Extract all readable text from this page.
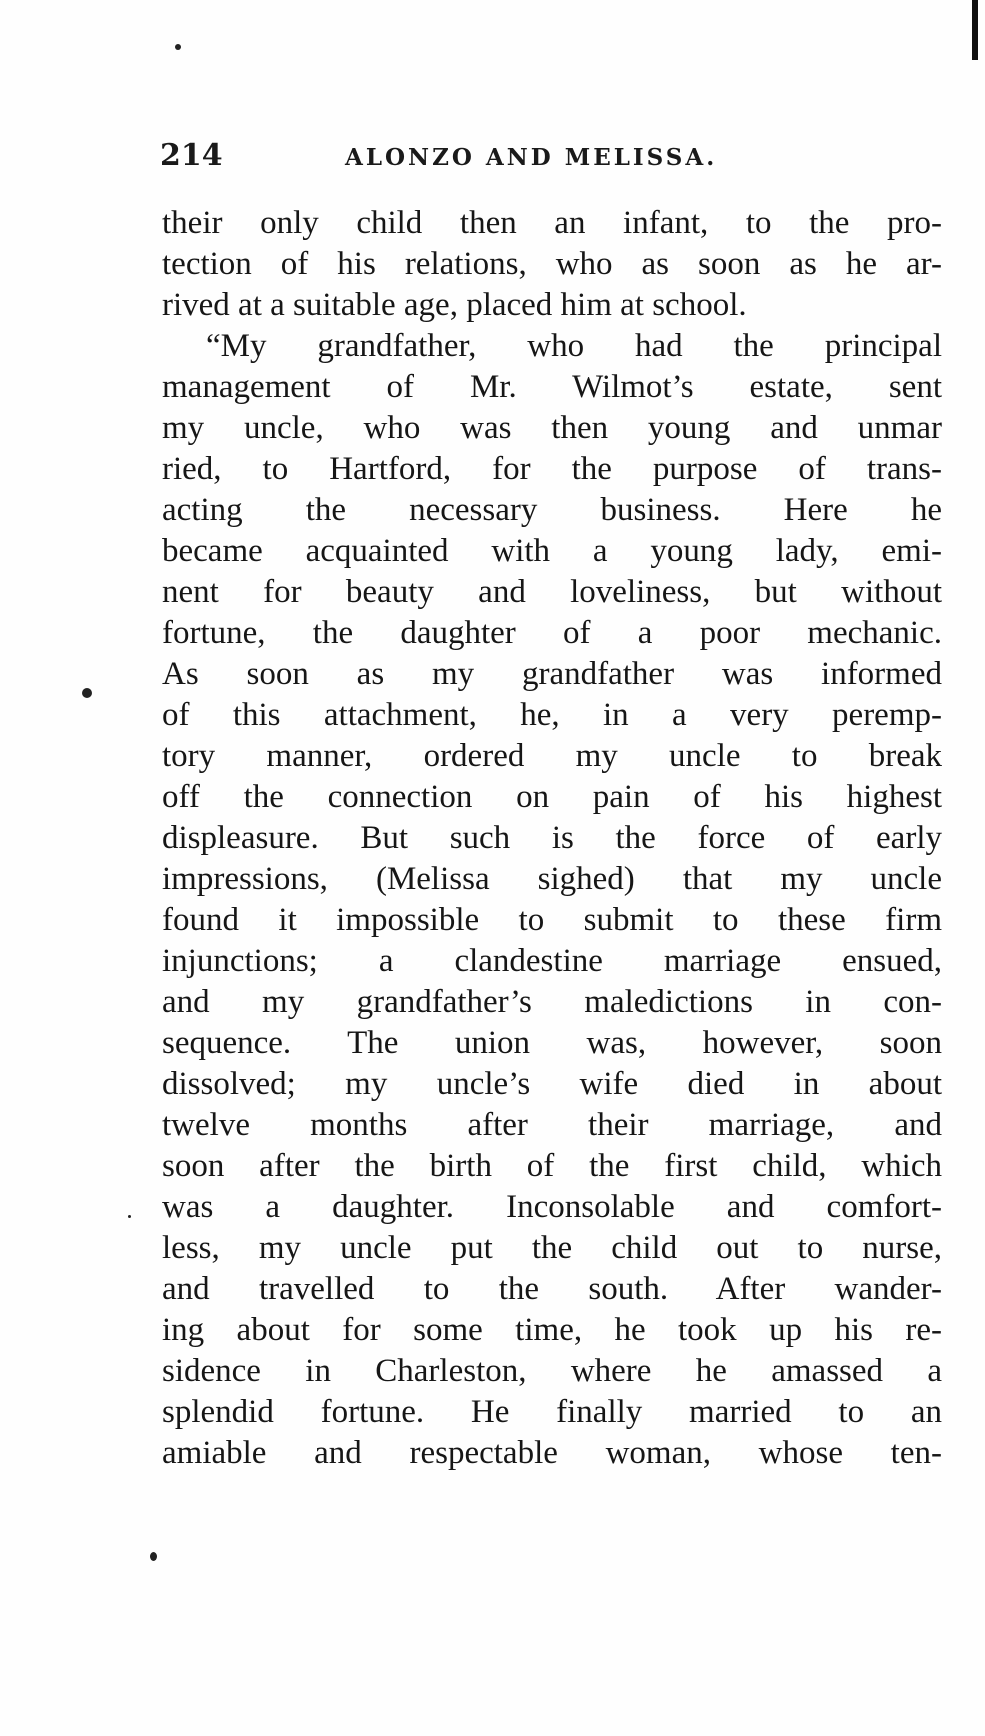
214	ALONZO AND MELISSA.
their only child then an infant, to the pro-
tection of his relations, who as soon as he ar-
rived at a suitable age, placed him at school.
“My grandfather, who had the principal
management of Mr. Wilmot’s estate, sent
my uncle, who was then young and unmar
ried, to Hartford, for the purpose of trans-
acting the necessary business. Here he
became acquainted with a young lady, emi-
nent for beauty and loveliness, but without
fortune, the daughter of a poor mechanic.
As soon as my grandfather was informed
of this attachment, he, in a very peremp-
tory manner, ordered my uncle to break
off the connection on pain of his highest
displeasure. But such is the force of early
impressions, (Melissa sighed) that my uncle
found it impossible to submit to these firm
injunctions; a clandestine marriage ensued,
and my grandfather’s maledictions in con-
sequence. The union was, however, soon
dissolved; my uncle’s wife died in about
twelve months after their marriage, and
soon after the birth of the first child, which
was a daughter. Inconsolable and comfort-
less, my uncle put the child out to nurse,
and travelled to the south. After wander-
ing about for some time, he took up his re-
sidence in Charleston, where he amassed a
splendid fortune. He finally married to an
amiable and respectable woman, whose ten-
